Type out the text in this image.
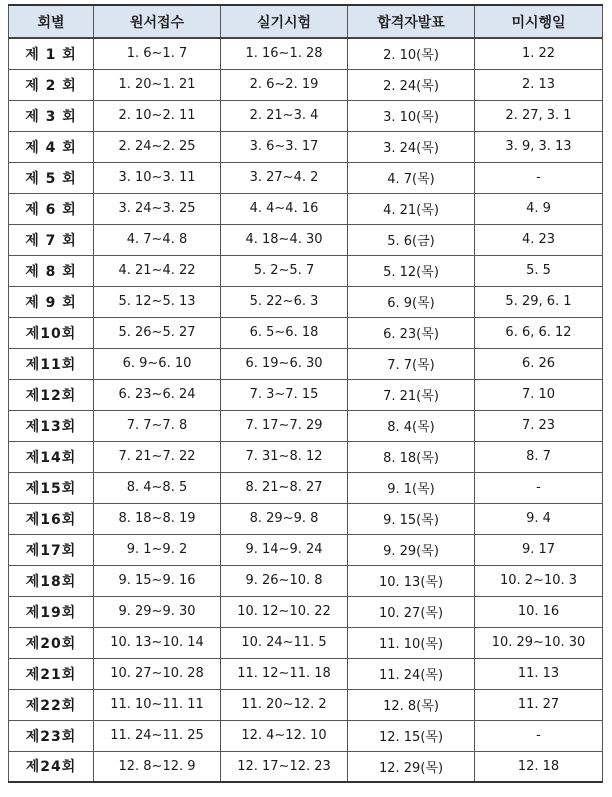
회별	원서접수	실기시험	합격자발표	미시행일
제 1 회	1. 6∼1. 7	1. 16∼1. 28	2. 10(목)	1. 22
제 2 회	1. 20∼1. 21	2. 6∼2. 19	2. 24(목)	2. 13
제 3 회	2. 10∼2. 11	2. 21∼3. 4	3. 10(목)	2. 27, 3. 1
제 4 회	2. 24∼2. 25	3. 6∼3. 17	3. 24(목)	3. 9, 3. 13
제 5 회	3. 10∼3. 11	3. 27∼4. 2	4. 7(목)	-
제 6 회	3. 24∼3. 25	4. 4∼4. 16	4. 21(목)	4. 9
제 7 회	4. 7∼4. 8	4. 18∼4. 30	5. 6(금)	4. 23
제 8 회	4. 21∼4. 22	5. 2∼5. 7	5. 12(목)	5. 5
제 9 회	5. 12∼5. 13	5. 22∼6. 3	6. 9(목)	5. 29, 6. 1
제10회	5. 26∼5. 27	6. 5∼6. 18	6. 23(목)	6. 6, 6. 12
제11회	6. 9∼6. 10	6. 19∼6. 30	7. 7(목)	6. 26
제12회	6. 23∼6. 24	7. 3∼7. 15	7. 21(목)	7. 10
제13회	7. 7∼7. 8	7. 17∼7. 29	8. 4(목)	7. 23
제14회	7. 21∼7. 22	7. 31∼8. 12	8. 18(목)	8. 7
제15회	8. 4∼8. 5	8. 21∼8. 27	9. 1(목)	-
제16회	8. 18∼8. 19	8. 29∼9. 8	9. 15(목)	9. 4
제17회	9. 1∼9. 2	9. 14∼9. 24	9. 29(목)	9. 17
제18회	9. 15∼9. 16	9. 26∼10. 8	10. 13(목)	10. 2∼10. 3
제19회	9. 29∼9. 30	10. 12∼10. 22	10. 27(목)	10. 16
제20회	10. 13∼10. 14	10. 24∼11. 5	11. 10(목)	10. 29∼10. 30
제21회	10. 27∼10. 28	11. 12∼11. 18	11. 24(목)	11. 13
제22회	11. 10∼11. 11	11. 20∼12. 2	12. 8(목)	11. 27
제23회	11. 24∼11. 25	12. 4∼12. 10	12. 15(목)	-
제24회	12. 8∼12. 9	12. 17∼12. 23	12. 29(목)	12. 18
